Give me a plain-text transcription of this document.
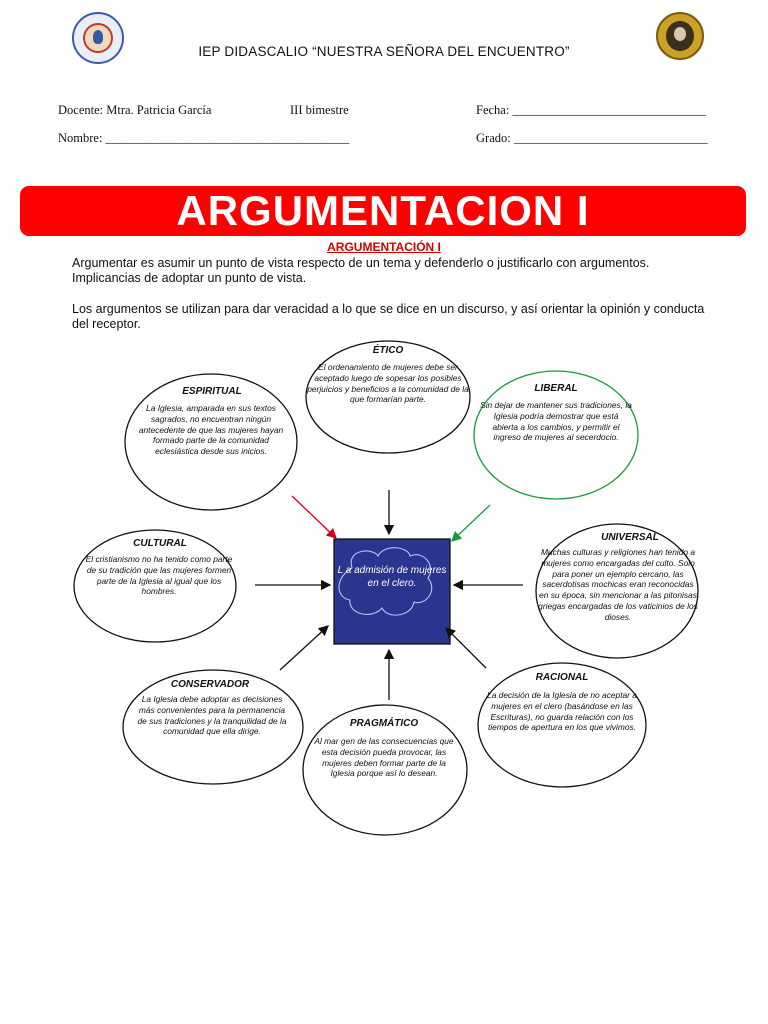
IEP DIDASCALIO “NUESTRA SEÑORA DEL ENCUENTRO”
Docente: Mtra. Patricia García	III bimestre	Fecha: _______________________________
Nombre: _______________________________________	Grado: _______________________________
ARGUMENTACION I
ARGUMENTACIÓN I
Argumentar es asumir un punto de vista respecto de un tema y defenderlo o justificarlo con argumentos. Implicancias de adoptar un punto de vista.
Los argumentos se utilizan para dar veracidad a lo que se dice en un discurso, y así orientar la opinión y conducta del receptor.
L a admisión de mujeres en el clero.
ÉTICO
El ordenamiento de mujeres debe ser aceptado luego de sopesar los posibles perjuicios y beneficios a la comunidad de la que formarían parte.
ESPIRITUAL
La Iglesia, amparada en sus textos sagrados, no encuentran ningún antecedente de que las mujeres hayan formado parte de la comunidad eclesiástica desde sus inicios.
LIBERAL
Sin dejar de mantener sus tradiciones, la Iglesia podría demostrar que está abierta a los cambios, y permitir el ingreso de mujeres al secerdocio.
CULTURAL
El cristianismo no ha tenido como parte de su tradición que las mujeres formen parte de la Iglesia al igual que los hombres.
UNIVERSAL
Muchas culturas y religiones han tenido a mujeres como encargadas del culto. Solo para poner un ejemplo cercano, las sacerdotisas mochicas eran reconocidas en su época, sin mencionar a las pitonisas griegas encargadas de los vaticinios de los dioses.
CONSERVADOR
La Iglesia debe adoptar as decisiones más convenientes para la permanencia de sus tradiciones y la tranquilidad de la comunidad que ella dirige.
PRAGMÁTICO
Al mar gen de las consecuencias que esta decisión pueda provocar, las mujeres deben formar parte de la Iglesia porque así lo desean.
RACIONAL
La decisión de la Iglesia de no aceptar a mujeres en el clero (basándose en las Escrituras), no guarda relación con los tiempos de apertura en los que vivimos.
